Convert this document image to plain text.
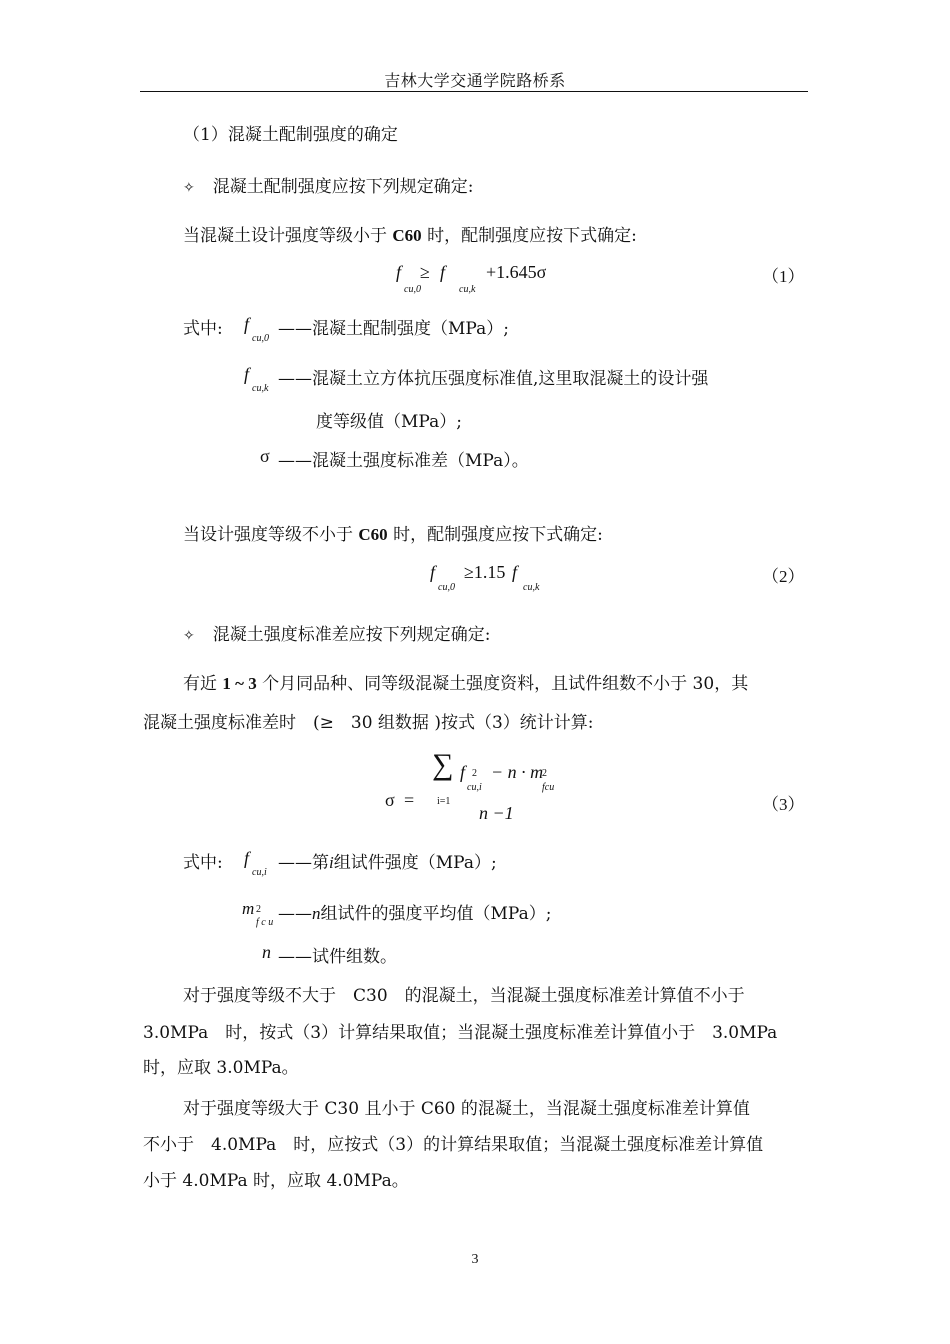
吉林大学交通学院路桥系
（1）混凝土配制强度的确定
✧ 混凝土配制强度应按下列规定确定:
当混凝土设计强度等级小于 C60 时，配制强度应按下式确定:
f
cu,0
≥ f
cu,k
+1.645σ	（1）
式中: f
cu,0 ——混凝土配制强度（MPa）;
f
cu,k ——混凝土立方体抗压强度标准值,这里取混凝土的设计强
度等级值（MPa）;
σ ——混凝土强度标准差（MPa）。
当设计强度等级不小于 C60 时，配制强度应按下式确定:
f
cu,0
≥1.15 f
cu,k
（2）
✧ 混凝土强度标准差应按下列规定确定:
有近 1 ~ 3 个月同品种、同等级混凝土强度资料，且试件组数不小于 30，其
混凝土强度标准差时　(≥　30 组数据 )按式（3）统计计算:
σ =
∑
i=1
f 2
cu,i
− n · m
2
fcu
n −1	（3）
式中: f
cu,i ——第i组试件强度（MPa）;
m 2
f c u ——n组试件的强度平均值（MPa）;
n ——试件组数。
对于强度等级不大于　C30　的混凝土，当混凝土强度标准差计算值不小于
3.0MPa　时，按式（3）计算结果取值；当混凝土强度标准差计算值小于　3.0MPa
时，应取 3.0MPa。
对于强度等级大于 C30 且小于 C60 的混凝土，当混凝土强度标准差计算值
不小于　4.0MPa　时，应按式（3）的计算结果取值；当混凝土强度标准差计算值
小于 4.0MPa 时，应取 4.0MPa。
3
